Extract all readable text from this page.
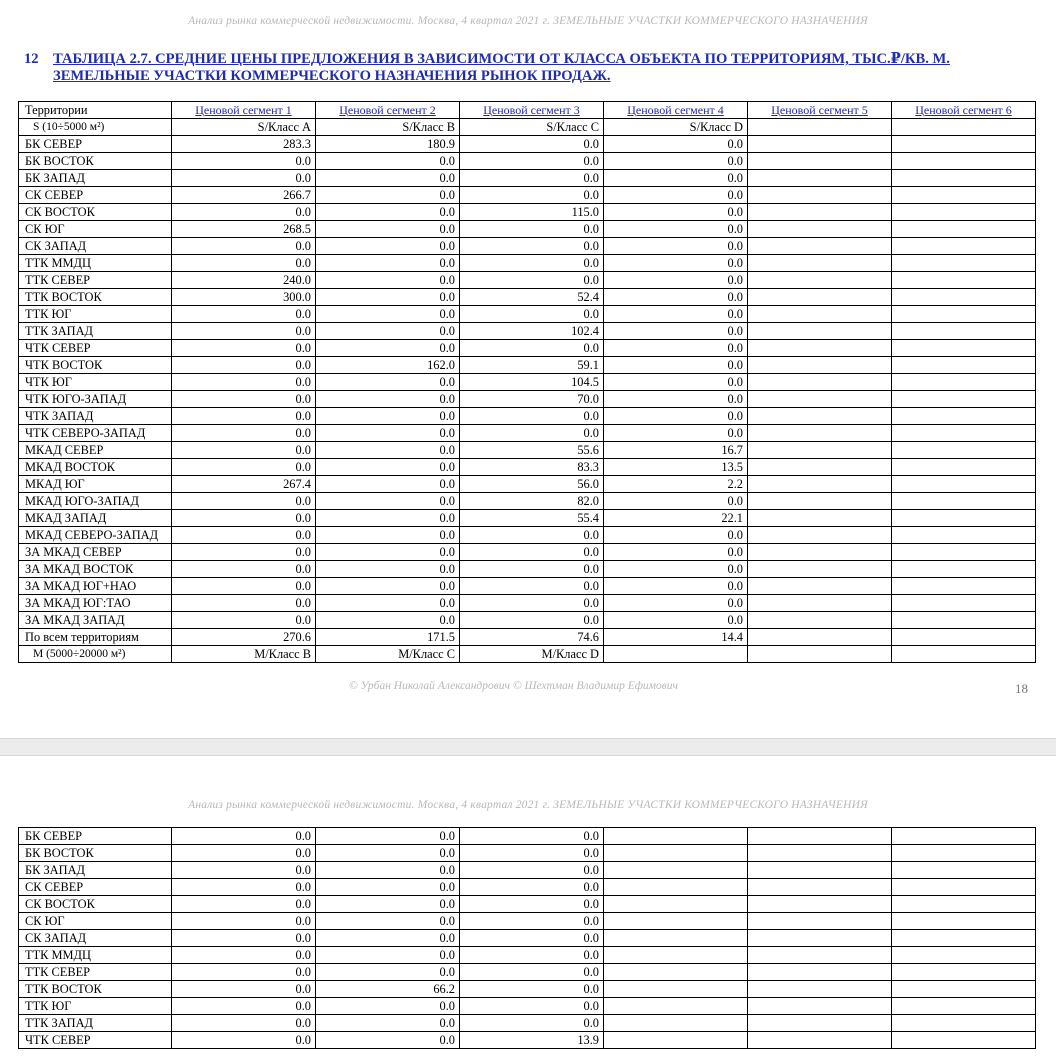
Анализ рынка коммерческой недвижимости. Москва, 4 квартал 2021 г. ЗЕМЕЛЬНЫЕ УЧАСТКИ КОММЕРЧЕСКОГО НАЗНАЧЕНИЯ
12 ТАБЛИЦА 2.7. СРЕДНИЕ ЦЕНЫ ПРЕДЛОЖЕНИЯ В ЗАВИСИМОСТИ ОТ КЛАССА ОБЪЕКТА ПО ТЕРРИТОРИЯМ, ТЫС.₽/КВ. М.
ЗЕМЕЛЬНЫЕ УЧАСТКИ КОММЕРЧЕСКОГО НАЗНАЧЕНИЯ РЫНОК ПРОДАЖ.
Территории	Ценовой сегмент 1	Ценовой сегмент 2	Ценовой сегмент 3	Ценовой сегмент 4	Ценовой сегмент 5	Ценовой сегмент 6
S (10÷5000 м²)	S/Класс A	S/Класс B	S/Класс C	S/Класс D		
БК СЕВЕР	283.3	180.9	0.0	0.0		
БК ВОСТОК	0.0	0.0	0.0	0.0		
БК ЗАПАД	0.0	0.0	0.0	0.0		
СК СЕВЕР	266.7	0.0	0.0	0.0		
СК ВОСТОК	0.0	0.0	115.0	0.0		
СК ЮГ	268.5	0.0	0.0	0.0		
СК ЗАПАД	0.0	0.0	0.0	0.0		
ТТК ММДЦ	0.0	0.0	0.0	0.0		
ТТК СЕВЕР	240.0	0.0	0.0	0.0		
ТТК ВОСТОК	300.0	0.0	52.4	0.0		
ТТК ЮГ	0.0	0.0	0.0	0.0		
ТТК ЗАПАД	0.0	0.0	102.4	0.0		
ЧТК СЕВЕР	0.0	0.0	0.0	0.0		
ЧТК ВОСТОК	0.0	162.0	59.1	0.0		
ЧТК ЮГ	0.0	0.0	104.5	0.0		
ЧТК ЮГО-ЗАПАД	0.0	0.0	70.0	0.0		
ЧТК ЗАПАД	0.0	0.0	0.0	0.0		
ЧТК СЕВЕРО-ЗАПАД	0.0	0.0	0.0	0.0		
МКАД СЕВЕР	0.0	0.0	55.6	16.7		
МКАД ВОСТОК	0.0	0.0	83.3	13.5		
МКАД ЮГ	267.4	0.0	56.0	2.2		
МКАД ЮГО-ЗАПАД	0.0	0.0	82.0	0.0		
МКАД ЗАПАД	0.0	0.0	55.4	22.1		
МКАД СЕВЕРО-ЗАПАД	0.0	0.0	0.0	0.0		
ЗА МКАД СЕВЕР	0.0	0.0	0.0	0.0		
ЗА МКАД ВОСТОК	0.0	0.0	0.0	0.0		
ЗА МКАД ЮГ+НАО	0.0	0.0	0.0	0.0		
ЗА МКАД ЮГ:ТАО	0.0	0.0	0.0	0.0		
ЗА МКАД ЗАПАД	0.0	0.0	0.0	0.0		
По всем территориям	270.6	171.5	74.6	14.4		
М (5000÷20000 м²)	М/Класс B	М/Класс C	М/Класс D			
© Урбан Николай Александрович © Шехтман Владимир Ефимович	18
Анализ рынка коммерческой недвижимости. Москва, 4 квартал 2021 г. ЗЕМЕЛЬНЫЕ УЧАСТКИ КОММЕРЧЕСКОГО НАЗНАЧЕНИЯ
БК СЕВЕР	0.0	0.0	0.0			
БК ВОСТОК	0.0	0.0	0.0			
БК ЗАПАД	0.0	0.0	0.0			
СК СЕВЕР	0.0	0.0	0.0			
СК ВОСТОК	0.0	0.0	0.0			
СК ЮГ	0.0	0.0	0.0			
СК ЗАПАД	0.0	0.0	0.0			
ТТК ММДЦ	0.0	0.0	0.0			
ТТК СЕВЕР	0.0	0.0	0.0			
ТТК ВОСТОК	0.0	66.2	0.0			
ТТК ЮГ	0.0	0.0	0.0			
ТТК ЗАПАД	0.0	0.0	0.0			
ЧТК СЕВЕР	0.0	0.0	13.9			
